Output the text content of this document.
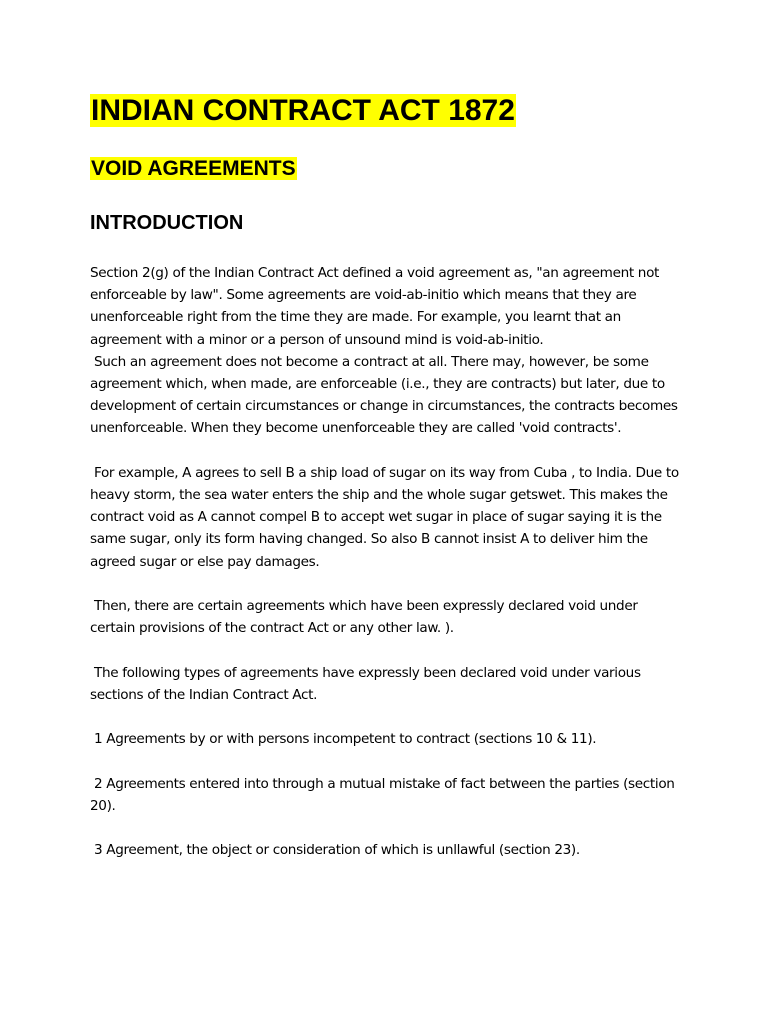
INDIAN CONTRACT ACT 1872
VOID AGREEMENTS
INTRODUCTION

Section 2(g) of the Indian Contract Act defined a void agreement as, "an agreement not enforceable by law". Some agreements are void-ab-initio which means that they are unenforceable right from the time they are made. For example, you learnt that an agreement with a minor or a person of unsound mind is void-ab-initio.

Such an agreement does not become a contract at all. There may, however, be some agreement which, when made, are enforceable (i.e., they are contracts) but later, due to development of certain circumstances or change in circumstances, the contracts becomes unenforceable. When they become unenforceable they are called 'void contracts'.

For example, A agrees to sell B a ship load of sugar on its way from Cuba , to India. Due to heavy storm, the sea water enters the ship and the whole sugar getswet. This makes the contract void as A cannot compel B to accept wet sugar in place of sugar saying it is the same sugar, only its form having changed. So also B cannot insist A to deliver him the agreed sugar or else pay damages.

Then, there are certain agreements which have been expressly declared void under certain provisions of the contract Act or any other law. ).

The following types of agreements have expressly been declared void under various sections of the Indian Contract Act.

1 Agreements by or with persons incompetent to contract (sections 10 & 11).

2 Agreements entered into through a mutual mistake of fact between the parties (section 20).

3 Agreement, the object or consideration of which is unllawful (section 23).
